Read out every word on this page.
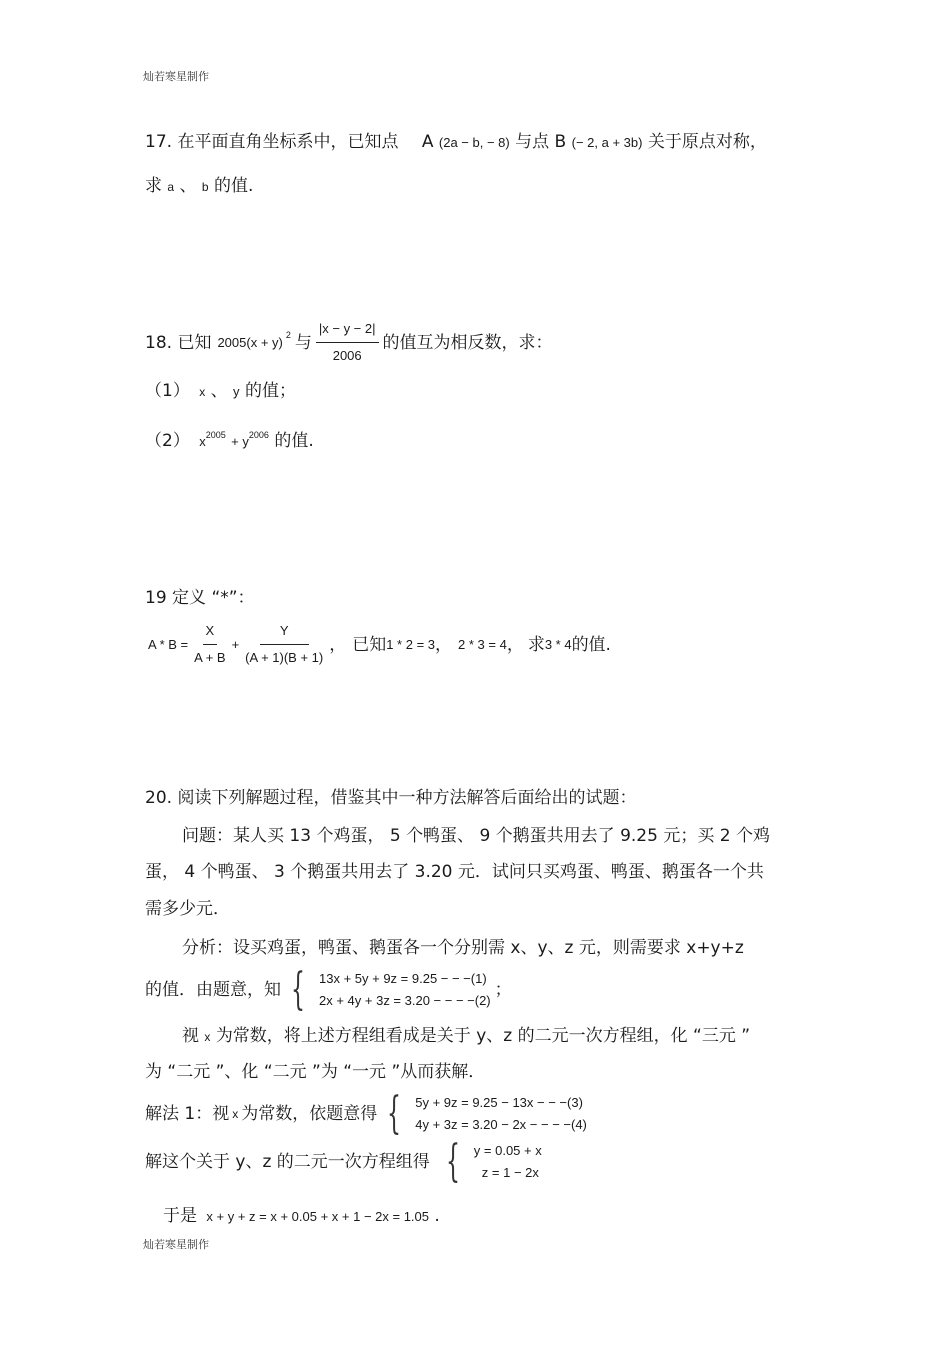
灿若寒星制作
17. 在平面直角坐标系中，已知点 A (2a − b, − 8) 与点 B (− 2, a + 3b) 关于原点对称，
求 a 、 b 的值.
18. 已知 2005(x + y) 2 与 $\frac{|x - y - 2|}{2006}$ 的值互为相反数，求：
（1） x 、 y 的值；
（2） $x^{2005} + y^{2006}$ 的值.
19 定义 “*”：
$A * B = \frac{X}{A + B} + \frac{Y}{(A + 1)(B + 1)}$ ， 已知 1 * 2 = 3 ， 2 * 3 = 4 ， 求 3 * 4 的值.
20. 阅读下列解题过程，借鉴其中一种方法解答后面给出的试题：
问题：某人买 13 个鸡蛋， 5 个鸭蛋、 9 个鹅蛋共用去了 9.25 元；买 2 个鸡
蛋， 4 个鸭蛋、 3 个鹅蛋共用去了 3.20 元．试问只买鸡蛋、鸭蛋、鹅蛋各一个共
需多少元．
分析：设买鸡蛋，鸭蛋、鹅蛋各一个分别需 x、y、z 元，则需要求 x+y+z
的值．由题意，知 { 13x + 5y + 9z = 9.25 − − −(1)
2x + 4y + 3z = 3.20 − − − −(2)
；
视 x 为常数，将上述方程组看成是关于 y、z 的二元一次方程组，化 “三元 ”
为 “二元 ”、化 “二元 ”为 “一元 ”从而获解．
解法 1：视 x 为常数，依题意得 { 5y + 9z = 9.25 − 13x − − −(3)
4y + 3z = 3.20 − 2x − − − −(4)
解这个关于 y、z 的二元一次方程组得 { y = 0.05 + x
z = 1 − 2x
于是 x + y + z = x + 0.05 + x + 1 − 2x = 1.05 .
灿若寒星制作
